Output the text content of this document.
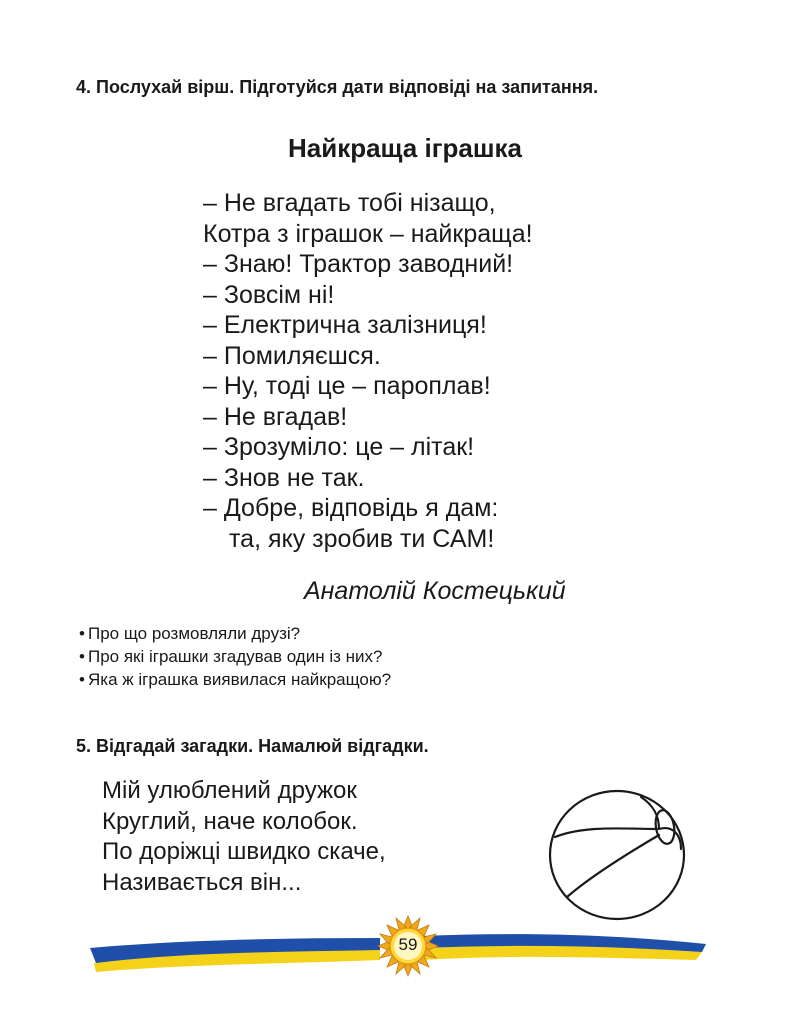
4. Послухай вірш. Підготуйся дати відповіді на запитання.
Найкраща іграшка
– Не вгадать тобі нізащо,
Котра з іграшок – найкраща!
– Знаю! Трактор заводний!
– Зовсім ні!
– Електрична залізниця!
– Помиляєшся.
– Ну, тоді це – пароплав!
– Не вгадав!
– Зрозуміло: це – літак!
– Знов не так.
– Добре, відповідь я дам:
та, яку зробив ти САМ!
Анатолій Костецький
• Про що розмовляли друзі?
• Про які іграшки згадував один із них?
• Яка ж іграшка виявилася найкращою?
5. Відгадай загадки. Намалюй відгадки.
Мій улюблений дружок
Круглий, наче колобок.
По доріжці швидко скаче,
Називається він...
59
